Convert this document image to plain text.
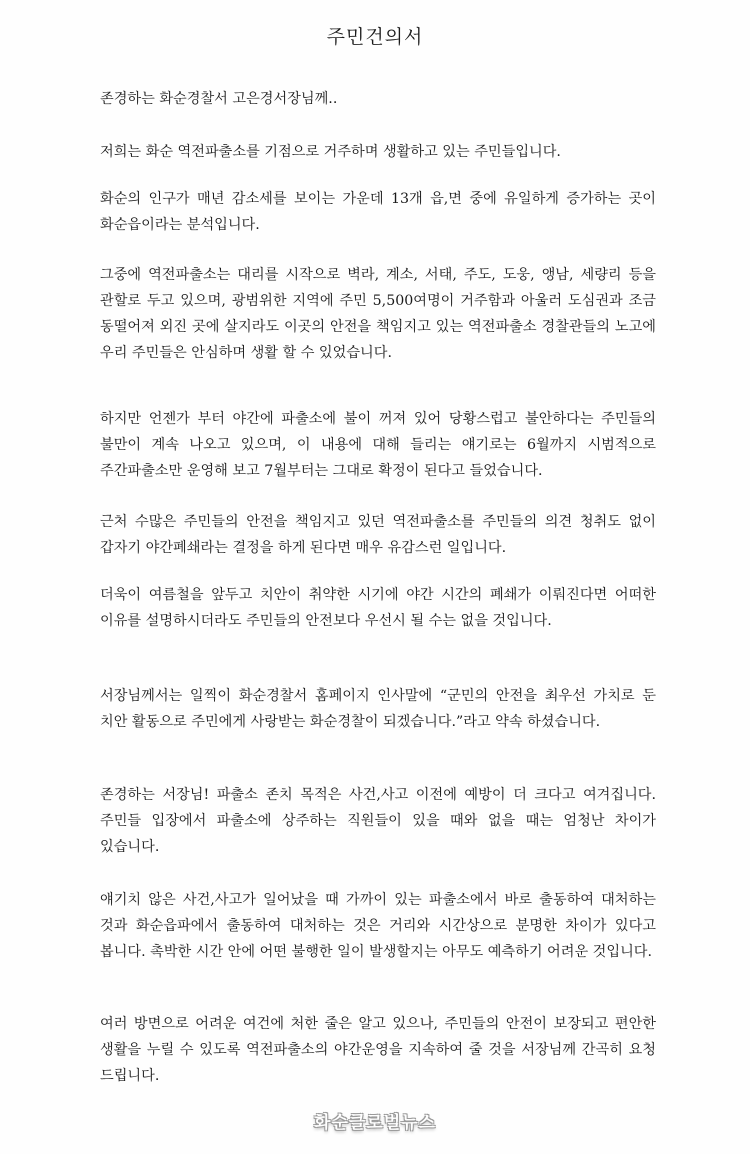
주민건의서

존경하는 화순경찰서 고은경서장님께..

저희는 화순 역전파출소를 기점으로 거주하며 생활하고 있는 주민들입니다.

화순의 인구가 매년 감소세를 보이는 가운데 13개 읍,면 중에 유일하게 증가하는 곳이 화순읍이라는 분석입니다.

그중에 역전파출소는 대리를 시작으로 벽라, 계소, 서태, 주도, 도웅, 앵남, 세량리 등을 관할로 두고 있으며, 광범위한 지역에 주민 5,500여명이 거주함과 아울러 도심권과 조금 동떨어져 외진 곳에 살지라도 이곳의 안전을 책임지고 있는 역전파출소 경찰관들의 노고에 우리 주민들은 안심하며 생활 할 수 있었습니다.

하지만 언젠가 부터 야간에 파출소에 불이 꺼져 있어 당황스럽고 불안하다는 주민들의 불만이 계속 나오고 있으며, 이 내용에 대해 들리는 얘기로는 6월까지 시범적으로 주간파출소만 운영해 보고 7월부터는 그대로 확정이 된다고 들었습니다.

근처 수많은 주민들의 안전을 책임지고 있던 역전파출소를 주민들의 의견 청취도 없이 갑자기 야간폐쇄라는 결정을 하게 된다면 매우 유감스런 일입니다.

더욱이 여름철을 앞두고 치안이 취약한 시기에 야간 시간의 폐쇄가 이뤄진다면 어떠한 이유를 설명하시더라도 주민들의 안전보다 우선시 될 수는 없을 것입니다.

서장님께서는 일찍이 화순경찰서 홈페이지 인사말에 “군민의 안전을 최우선 가치로 둔 치안 활동으로 주민에게 사랑받는 화순경찰이 되겠습니다.”라고 약속 하셨습니다.

존경하는 서장님! 파출소 존치 목적은 사건,사고 이전에 예방이 더 크다고 여겨집니다. 주민들 입장에서 파출소에 상주하는 직원들이 있을 때와 없을 때는 엄청난 차이가 있습니다.

얘기치 않은 사건,사고가 일어났을 때 가까이 있는 파출소에서 바로 출동하여 대처하는 것과 화순읍파에서 출동하여 대처하는 것은 거리와 시간상으로 분명한 차이가 있다고 봅니다. 촉박한 시간 안에 어떤 불행한 일이 발생할지는 아무도 예측하기 어려운 것입니다.

여러 방면으로 어려운 여건에 처한 줄은 알고 있으나, 주민들의 안전이 보장되고 편안한 생활을 누릴 수 있도록 역전파출소의 야간운영을 지속하여 줄 것을 서장님께 간곡히 요청 드립니다.

화순클로벌뉴스
